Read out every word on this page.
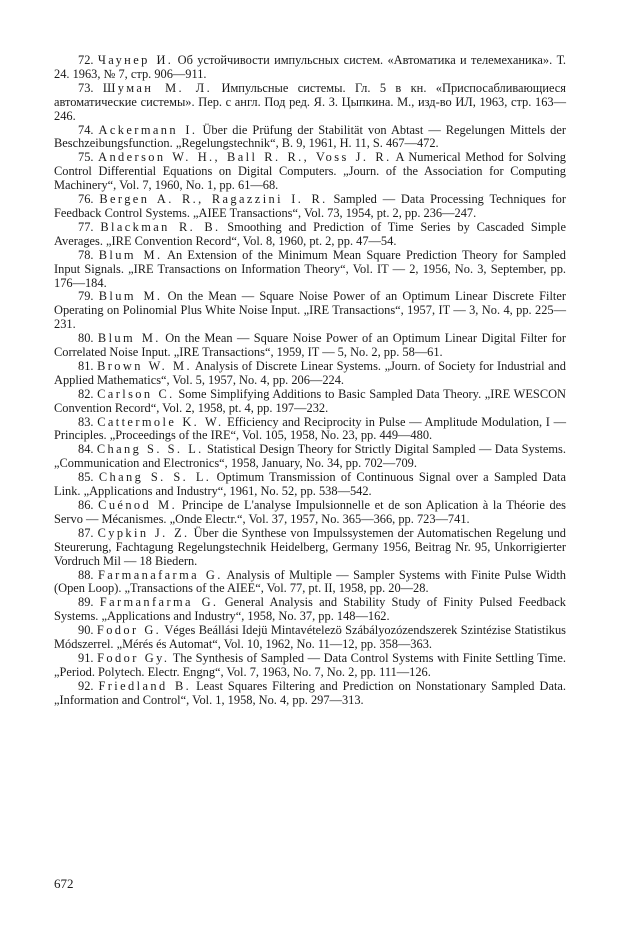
72. Чаунер И. Об устойчивости импульсных систем. «Автоматика и телемеханика». Т. 24. 1963, № 7, стр. 906—911.

73. Шуман М. Л. Импульсные системы. Гл. 5 в кн. «Приспосабливающиеся автоматические системы». Пер. с англ. Под ред. Я. З. Цыпкина. М., изд-во ИЛ, 1963, стр. 163—246.

74. Ackermann I. Über die Prüfung der Stabilität von Abtast — Regelungen Mittels der Beschzeibungsfunction. „Regelungstechnik“, B. 9, 1961, H. 11, S. 467—472.

75. Anderson W. H., Ball R. R., Voss J. R. A Numerical Method for Solving Control Differential Equations on Digital Computers. „Journ. of the Association for Computing Machinery“, Vol. 7, 1960, No. 1, pp. 61—68.

76. Bergen A. R., Ragazzini I. R. Sampled — Data Processing Techniques for Feedback Control Systems. „AIEE Transactions“, Vol. 73, 1954, pt. 2, pp. 236—247.

77. Blackman R. B. Smoothing and Prediction of Time Series by Cascaded Simple Averages. „IRE Convention Record“, Vol. 8, 1960, pt. 2, pp. 47—54.

78. Blum M. An Extension of the Minimum Mean Square Prediction Theory for Sampled Input Signals. „IRE Transactions on Information Theory“, Vol. IT — 2, 1956, No. 3, September, pp. 176—184.

79. Blum M. On the Mean — Square Noise Power of an Optimum Linear Discrete Filter Operating on Polinomial Plus White Noise Input. „IRE Transactions“, 1957, IT — 3, No. 4, pp. 225—231.

80. Blum M. On the Mean — Square Noise Power of an Optimum Linear Digital Filter for Correlated Noise Input. „IRE Transactions“, 1959, IT — 5, No. 2, pp. 58—61.

81. Brown W. M. Analysis of Discrete Linear Systems. „Journ. of Society for Industrial and Applied Mathematics“, Vol. 5, 1957, No. 4, pp. 206—224.

82. Carlson C. Some Simplifying Additions to Basic Sampled Data Theory. „IRE WESCON Convention Record“, Vol. 2, 1958, pt. 4, pp. 197—232.

83. Cattermole K. W. Efficiency and Reciprocity in Pulse — Amplitude Modulation, I — Principles. „Proceedings of the IRE“, Vol. 105, 1958, No. 23, pp. 449—480.

84. Chang S. S. L. Statistical Design Theory for Strictly Digital Sampled — Data Systems. „Communication and Electronics“, 1958, January, No. 34, pp. 702—709.

85. Chang S. S. L. Optimum Transmission of Continuous Signal over a Sampled Data Link. „Applications and Industry“, 1961, No. 52, pp. 538—542.

86. Cuénod M. Principe de L'analyse Impulsionnelle et de son Aplication à la Théorie des Servo — Mécanismes. „Onde Electr.“, Vol. 37, 1957, No. 365—366, pp. 723—741.

87. Cypkin J. Z. Über die Synthese von Impulssystemen der Automatischen Regelung und Steurerung, Fachtagung Regelungstechnik Heidelberg, Germany 1956, Beitrag Nr. 95, Unkorrigierter Vordruch Mil — 18 Biedern.

88. Farmanafarma G. Analysis of Multiple — Sampler Systems with Finite Pulse Width (Open Loop). „Transactions of the AIEE“, Vol. 77, pt. II, 1958, pp. 20—28.

89. Farmanfarma G. General Analysis and Stability Study of Finity Pulsed Feedback Systems. „Applications and Industry“, 1958, No. 37, pp. 148—162.

90. Fodor G. Véges Beállási Idejü Mintavételezö Szábályozózendszerek Szintézise Statistikus Módszerrel. „Mérés és Automat“, Vol. 10, 1962, No. 11—12, pp. 358—363.

91. Fodor Gy. The Synthesis of Sampled — Data Control Systems with Finite Settling Time. „Period. Polytech. Electr. Engng“, Vol. 7, 1963, No. 7, No. 2, pp. 111—126.

92. Friedland B. Least Squares Filtering and Prediction on Nonstationary Sampled Data. „Information and Control“, Vol. 1, 1958, No. 4, pp. 297—313.

672
